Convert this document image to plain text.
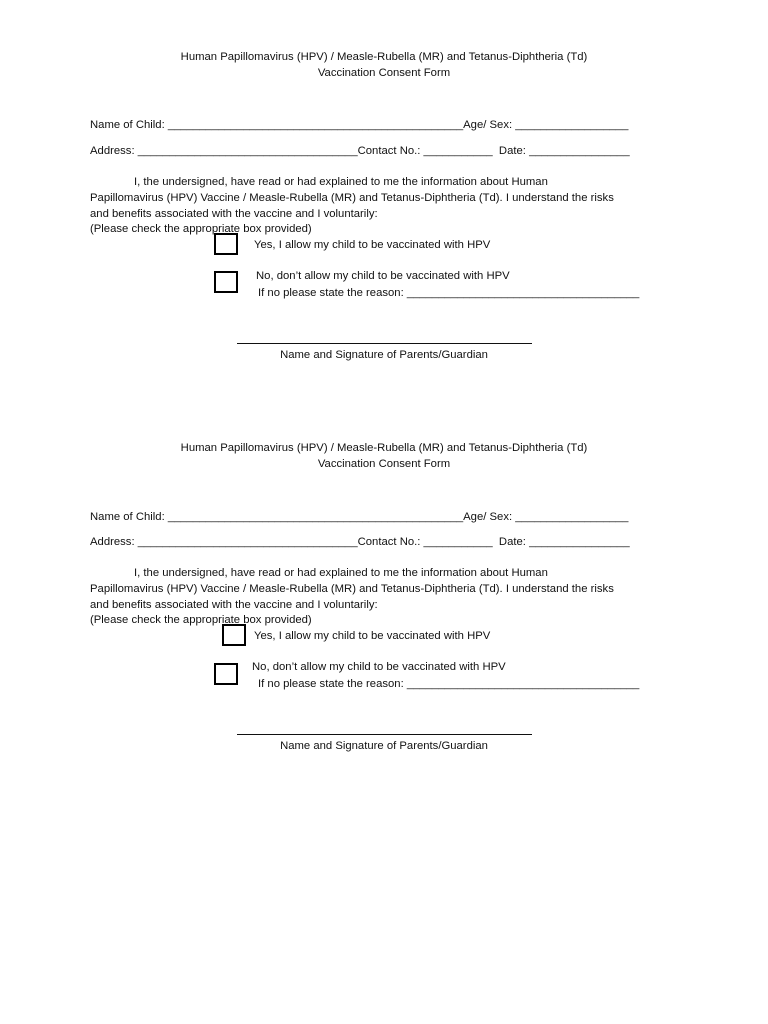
Human Papillomavirus (HPV) / Measle-Rubella (MR) and Tetanus-Diphtheria (Td)
Vaccination Consent Form
Name of Child: _______________________________________________Age/ Sex: __________________
Address: ___________________________________Contact No.: ___________  Date: ________________
I, the undersigned, have read or had explained to me the information about Human
Papillomavirus (HPV) Vaccine / Measle-Rubella (MR) and Tetanus-Diphtheria (Td). I understand the risks
and benefits associated with the vaccine and I voluntarily:
(Please check the appropriate box provided)
Yes, I allow my child to be vaccinated with HPV
No, don’t allow my child to be vaccinated with HPV
If no please state the reason: _____________________________________
Name and Signature of Parents/Guardian
Human Papillomavirus (HPV) / Measle-Rubella (MR) and Tetanus-Diphtheria (Td)
Vaccination Consent Form
Name of Child: _______________________________________________Age/ Sex: __________________
Address: ___________________________________Contact No.: ___________  Date: ________________
I, the undersigned, have read or had explained to me the information about Human
Papillomavirus (HPV) Vaccine / Measle-Rubella (MR) and Tetanus-Diphtheria (Td). I understand the risks
and benefits associated with the vaccine and I voluntarily:
(Please check the appropriate box provided)
Yes, I allow my child to be vaccinated with HPV
No, don’t allow my child to be vaccinated with HPV
If no please state the reason: _____________________________________
Name and Signature of Parents/Guardian
